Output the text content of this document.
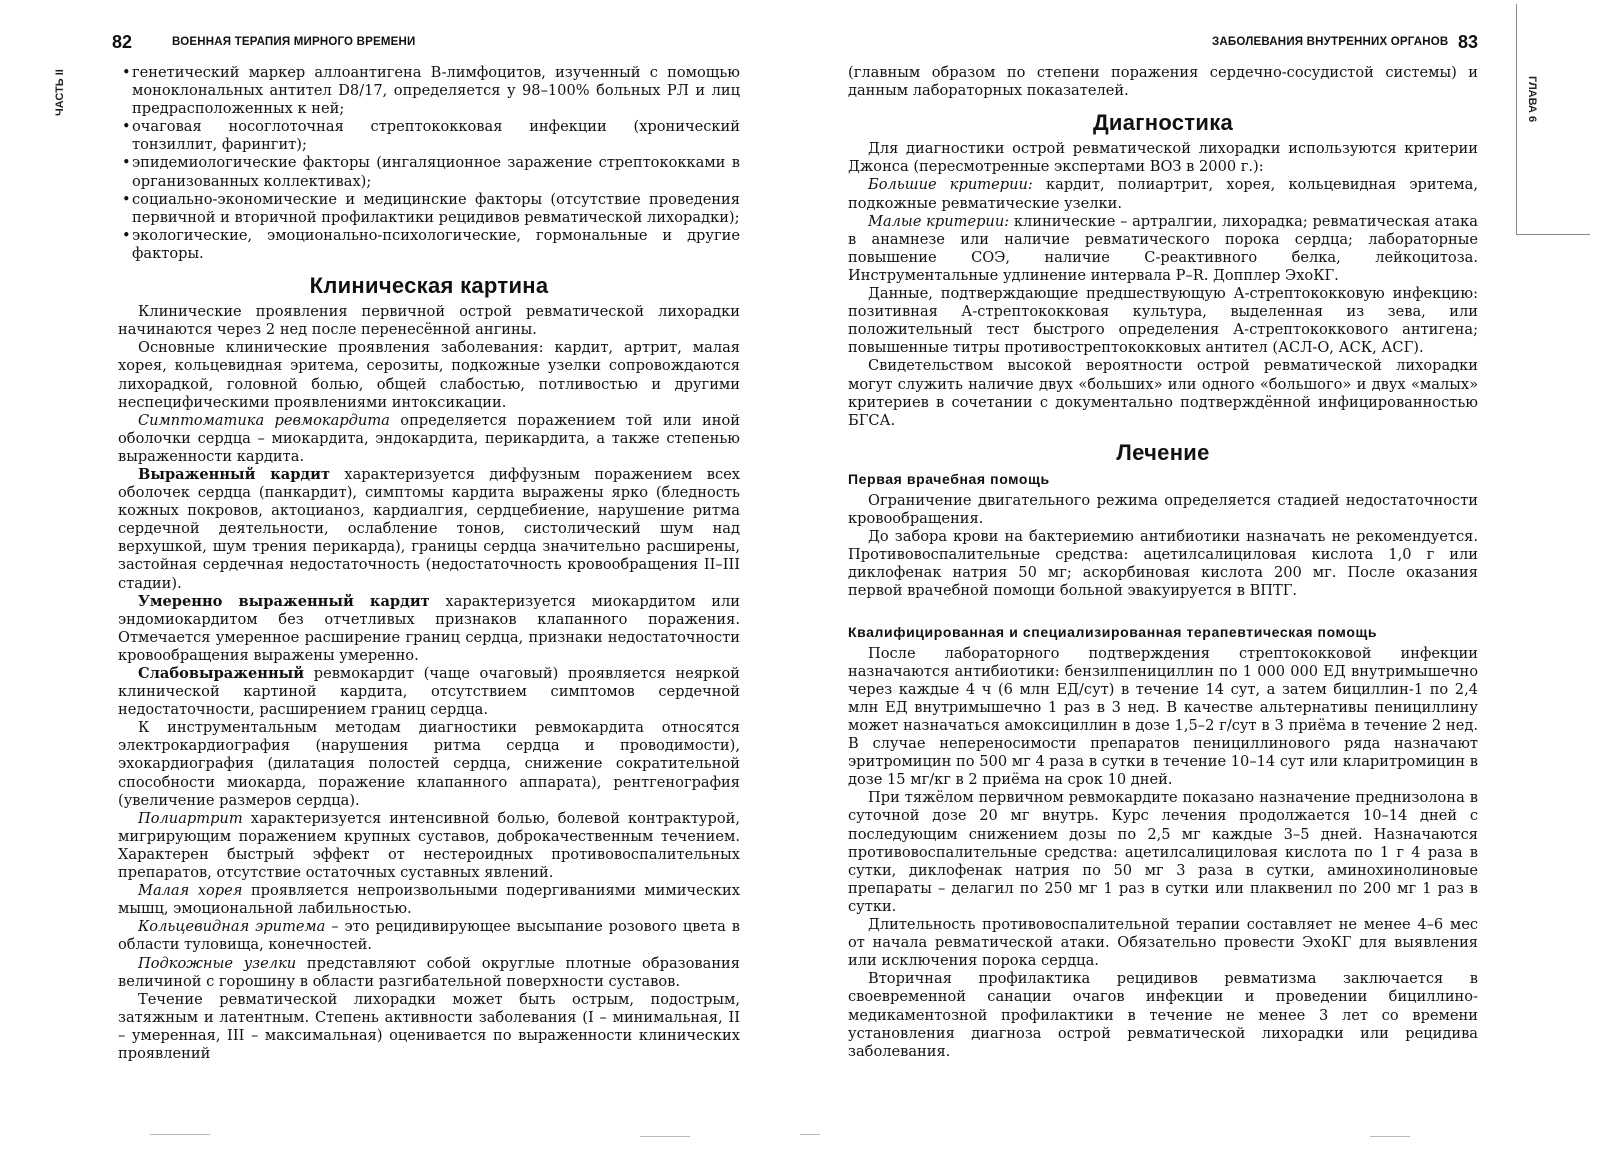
82	ВОЕННАЯ ТЕРАПИЯ МИРНОГО ВРЕМЕНИ
ЧАСТЬ II

•	генетический маркер аллоантигена B-лимфоцитов, изученный с помощью моноклональных антител D8/17, определяется у 98–100% больных РЛ и лиц предрасположенных к ней;

• очаговая носоглоточная стрептококковая инфекции (хронический тонзиллит, фарингит);

• эпидемиологические факторы (ингаляционное заражение стрептококками в организованных коллективах);

• социально-экономические и медицинские факторы (отсутствие проведения первичной и вторичной профилактики рецидивов ревматической лихорадки);

• экологические, эмоционально-психологические, гормональные и другие факторы.

Клиническая картина

Клинические проявления первичной острой ревматической лихорадки начинаются через 2 нед после перенесённой ангины.

Основные клинические проявления заболевания: кардит, артрит, малая хорея, кольцевидная эритема, серозиты, подкожные узелки сопровождаются лихорадкой, головной болью, общей слабостью, потливостью и другими неспецифическими проявлениями интоксикации.

Симптоматика ревмокардита определяется поражением той или иной оболочки сердца – миокардита, эндокардита, перикардита, а также степенью выраженности кардита.

Выраженный кардит характеризуется диффузным поражением всех оболочек сердца (панкардит), симптомы кардита выражены ярко (бледность кожных покровов, актоцианоз, кардиалгия, сердцебиение, нарушение ритма сердечной деятельности, ослабление тонов, систолический шум над верхушкой, шум трения перикарда), границы сердца значительно расширены, застойная сердечная недостаточность (недостаточность кровообращения II–III стадии).

Умеренно выраженный кардит характеризуется миокардитом или эндомиокардитом без отчетливых признаков клапанного поражения. Отмечается умеренное расширение границ сердца, признаки недостаточности кровообращения выражены умеренно.

Слабовыраженный ревмокардит (чаще очаговый) проявляется неяркой клинической картиной кардита, отсутствием симптомов сердечной недостаточности, расширением границ сердца.

К инструментальным методам диагностики ревмокардита относятся электрокардиография (нарушения ритма сердца и проводимости), эхокардиография (дилатация полостей сердца, снижение сократительной способности миокарда, поражение клапанного аппарата), рентгенография (увеличение размеров сердца).

Полиартрит характеризуется интенсивной болью, болевой контрактурой, мигрирующим поражением крупных суставов, доброкачественным течением. Характерен быстрый эффект от нестероидных противовоспалительных препаратов, отсутствие остаточных суставных явлений.

Малая хорея проявляется непроизвольными подергиваниями мимических мышц, эмоциональной лабильностью.

Кольцевидная эритема – это рецидивирующее высыпание розового цвета в области туловища, конечностей.

Подкожные узелки представляют собой округлые плотные образования величиной с горошину в области разгибательной поверхности суставов.

Течение ревматической лихорадки может быть острым, подострым, затяжным и латентным. Степень активности заболевания (I – минимальная, II – умеренная, III – максимальная) оценивается по выраженности клинических проявлений

ЗАБОЛЕВАНИЯ ВНУТРЕННИХ ОРГАНОВ 83
ГЛАВА 6

(главным образом по степени поражения сердечно-сосудистой системы) и данным лабораторных показателей.

Диагностика

Для диагностики острой ревматической лихорадки используются критерии Джонса (пересмотренные экспертами ВОЗ в 2000 г.):

Большие критерии: кардит, полиартрит, хорея, кольцевидная эритема, подкожные ревматические узелки.

Малые критерии: клинические – артралгии, лихорадка; ревматическая атака в анамнезе или наличие ревматического порока сердца; лабораторные повышение СОЭ, наличие С-реактивного белка, лейкоцитоза. Инструментальные удлинение интервала P–R. Допплер ЭхоКГ.

Данные, подтверждающие предшествующую А-стрептококковую инфекцию: позитивная А-стрептококковая культура, выделенная из зева, или положительный тест быстрого определения А-стрептококкового антигена; повышенные титры противострептококковых антител (АСЛ-О, АСК, АСГ).

Свидетельством высокой вероятности острой ревматической лихорадки могут служить наличие двух «больших» или одного «большого» и двух «малых» критериев в сочетании с документально подтверждённой инфицированностью БГСА.

Лечение
Первая врачебная помощь

Ограничение двигательного режима определяется стадией недостаточности кровообращения.

До забора крови на бактериемию антибиотики назначать не рекомендуется. Противовоспалительные средства: ацетилсалициловая кислота 1,0 г или диклофенак натрия 50 мг; аскорбиновая кислота 200 мг. После оказания первой врачебной помощи больной эвакуируется в ВПТГ.

Квалифицированная и специализированная терапевтическая помощь

После лабораторного подтверждения стрептококковой инфекции назначаются антибиотики: бензилпенициллин по 1 000 000 ЕД внутримышечно через каждые 4 ч (6 млн ЕД/сут) в течение 14 сут, а затем бициллин-1 по 2,4 млн ЕД внутримышечно 1 раз в 3 нед. В качестве альтернативы пенициллину может назначаться амоксициллин в дозе 1,5–2 г/сут в 3 приёма в течение 2 нед. В случае непереносимости препаратов пенициллинового ряда назначают эритромицин по 500 мг 4 раза в сутки в течение 10–14 сут или кларитромицин в дозе 15 мг/кг в 2 приёма на срок 10 дней.

При тяжёлом первичном ревмокардите показано назначение преднизолона в суточной дозе 20 мг внутрь. Курс лечения продолжается 10–14 дней с последующим снижением дозы по 2,5 мг каждые 3–5 дней. Назначаются противовоспалительные средства: ацетилсалициловая кислота по 1 г 4 раза в сутки, диклофенак натрия по 50 мг 3 раза в сутки, аминохинолиновые препараты – делагил по 250 мг 1 раз в сутки или плаквенил по 200 мг 1 раз в сутки.

Длительность противовоспалительной терапии составляет не менее 4–6 мес от начала ревматической атаки. Обязательно провести ЭхоКГ для выявления или исключения порока сердца.

Вторичная профилактика рецидивов ревматизма заключается в своевременной санации очагов инфекции и проведении бициллино-медикаментозной профилактики в течение не менее 3 лет со времени установления диагноза острой ревматической лихорадки или рецидива заболевания.
